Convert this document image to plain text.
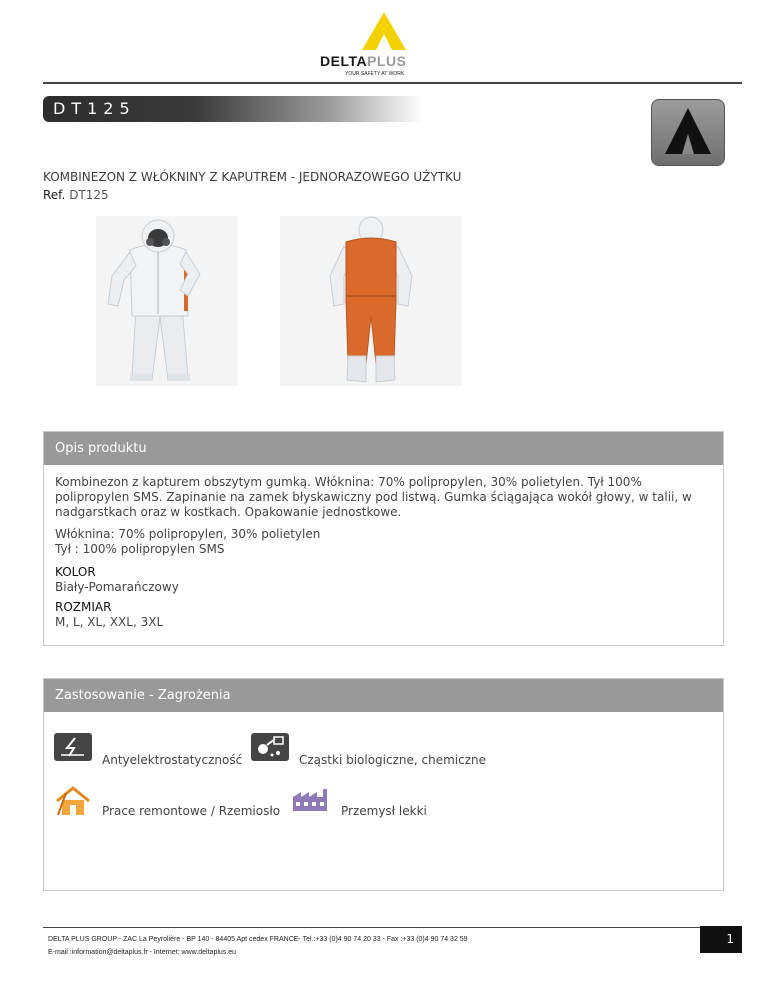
DELTAPLUS
YOUR SAFETY AT WORK
DT125
KOMBINEZON Z WŁÓKNINY Z KAPUTREM - JEDNORAZOWEGO UŻYTKU
Ref. DT125
Opis produktu
Kombinezon z kapturem obszytym gumką. Włóknina: 70% polipropylen, 30% polietylen. Tył 100% polipropylen SMS. Zapinanie na zamek błyskawiczny pod listwą. Gumka ściągająca wokół głowy, w talii, w nadgarstkach oraz w kostkach. Opakowanie jednostkowe.
Włóknina: 70% polipropylen, 30% polietylen
Tył : 100% polipropylen SMS
KOLOR
Biały-Pomarańczowy
ROZMIAR
M, L, XL, XXL, 3XL
Zastosowanie - Zagrożenia
Antyelektrostatyczność	Cząstki biologiczne, chemiczne
Prace remontowe / Rzemiosło	Przemysł lekki
DELTA PLUS GROUP - ZAC La Peyrolière - BP 140 - 84405 Apt cedex FRANCE- Tel.:+33 (0)4 90 74 20 33 - Fax :+33 (0)4 90 74 32 59
E-mail :information@deltaplus.fr - Internet: www.deltaplus.eu
1
